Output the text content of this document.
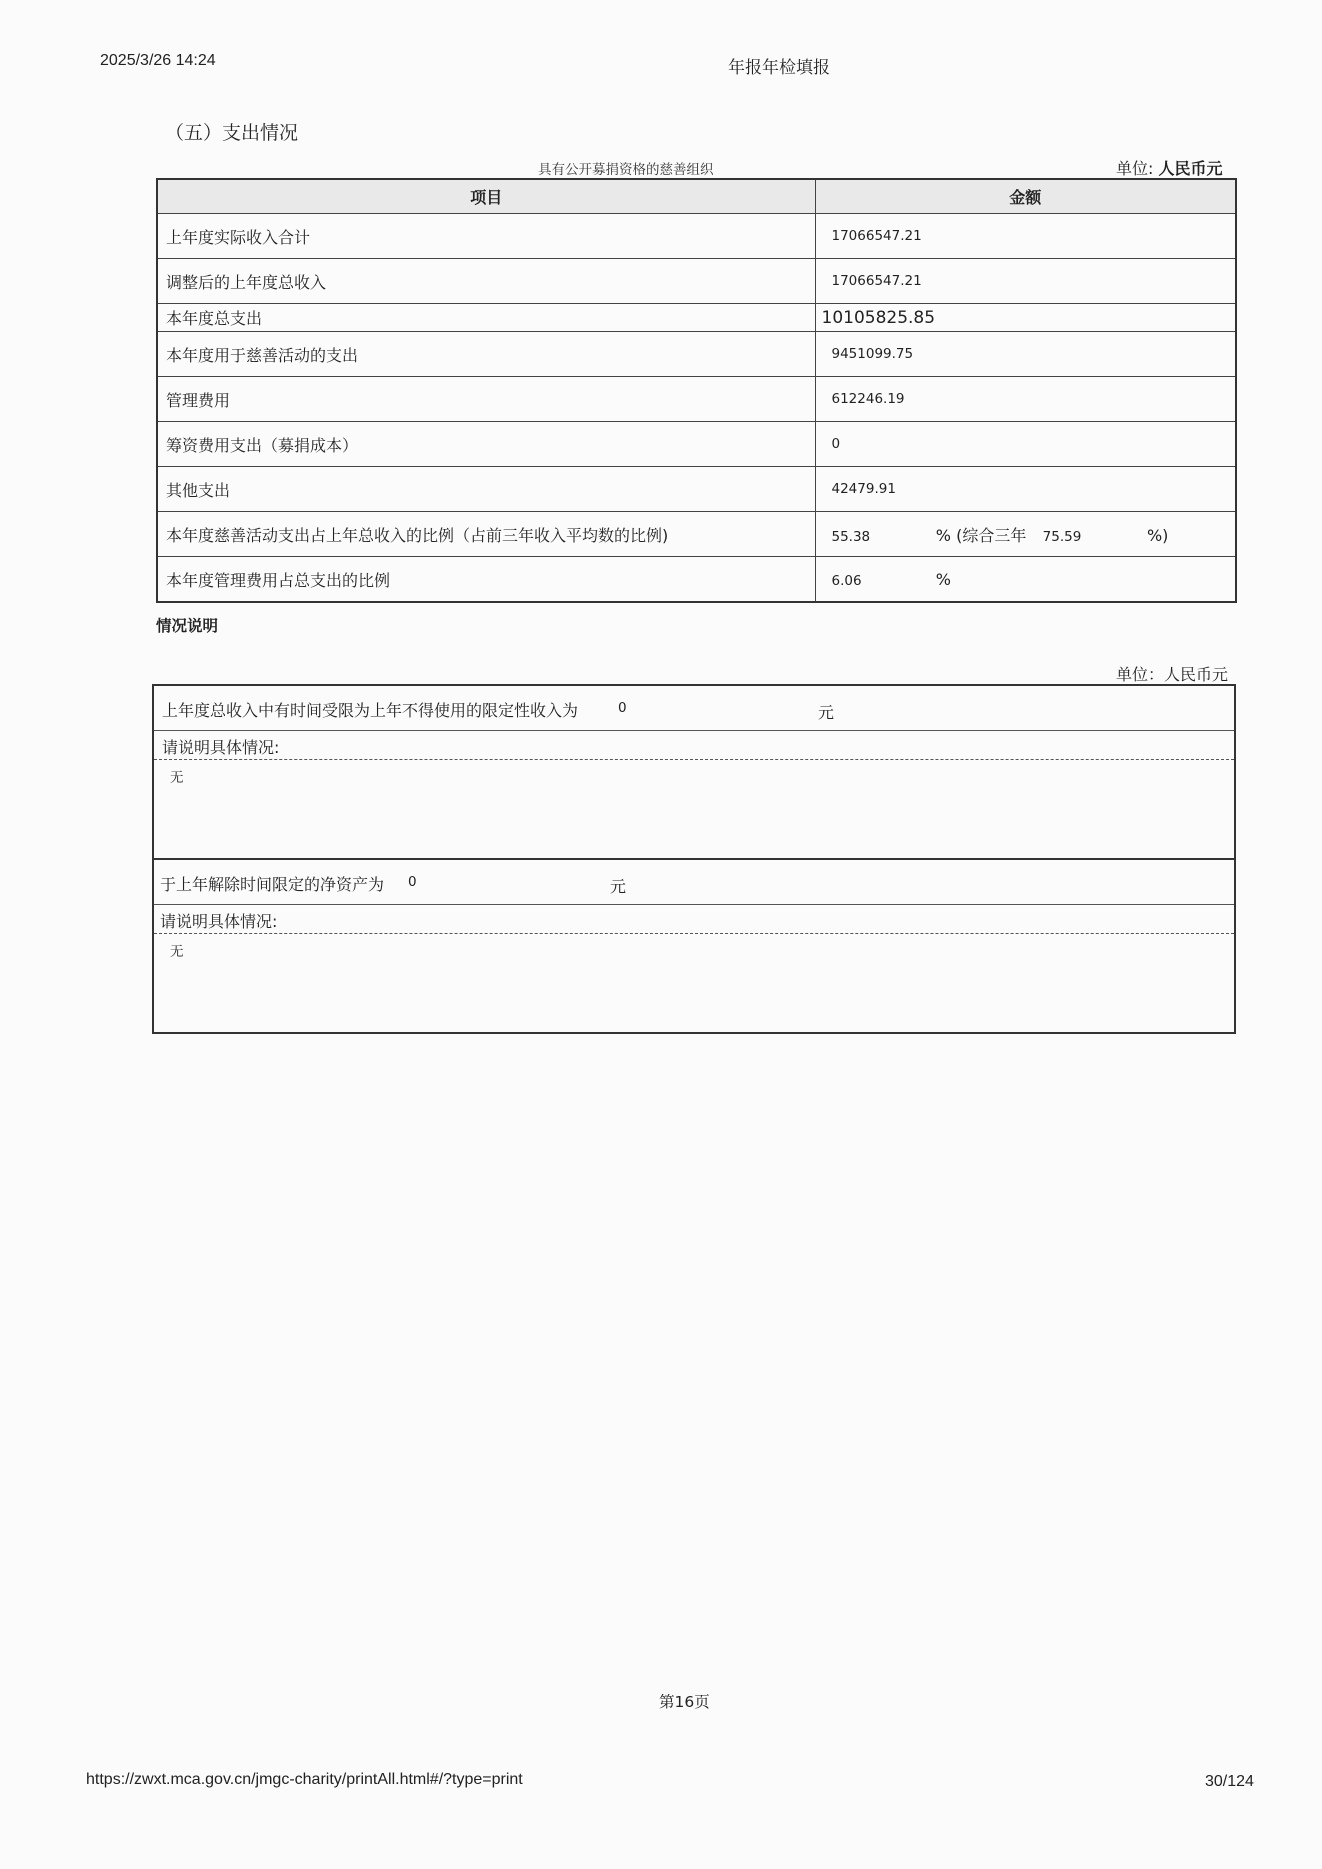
2025/3/26 14:24	年报年检填报
（五）支出情况
具有公开募捐资格的慈善组织	单位: 人民币元
项目	金额
上年度实际收入合计	17066547.21
调整后的上年度总收入	17066547.21
本年度总支出	10105825.85
本年度用于慈善活动的支出	9451099.75
管理费用	612246.19
筹资费用支出（募捐成本）	0
其他支出	42479.91
本年度慈善活动支出占上年总收入的比例（占前三年收入平均数的比例)	55.38 % (综合三年 75.59 %)
本年度管理费用占总支出的比例	6.06 %
情况说明
单位：人民币元
上年度总收入中有时间受限为上年不得使用的限定性收入为	0	元
请说明具体情况:
无
于上年解除时间限定的净资产为 0	元
请说明具体情况:
无
第16页
https://zwxt.mca.gov.cn/jmgc-charity/printAll.html#/?type=print	30/124
